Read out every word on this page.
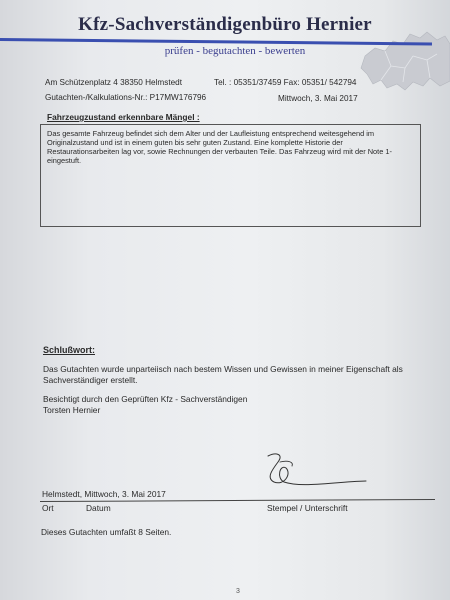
Kfz-Sachverständigenbüro Hernier
prüfen - begutachten - bewerten
Am Schützenplatz 4 38350 Helmstedt	Tel. : 05351/37459 Fax: 05351/ 542794
Gutachten-/Kalkulations-Nr.: P17MW176796	Mittwoch, 3. Mai 2017
Fahrzeugzustand erkennbare Mängel :
Das gesamte Fahrzeug befindet sich dem Alter und der Laufleistung entsprechend weitesgehend im
Originalzustand und ist in einem guten bis sehr guten Zustand. Eine komplette Historie der
Restaurationsarbeiten lag vor, sowie Rechnungen der verbauten Teile. Das Fahrzeug wird mit der Note 1-
eingestuft.
Schlußwort:
Das Gutachten wurde unparteiisch nach bestem Wissen und Gewissen in meiner Eigenschaft als
Sachverständiger erstellt.
Besichtigt durch den Geprüften Kfz - Sachverständigen
Torsten Hernier
Helmstedt, Mittwoch, 3. Mai 2017
Ort	Datum	Stempel / Unterschrift
Dieses Gutachten umfaßt 8 Seiten.
3
